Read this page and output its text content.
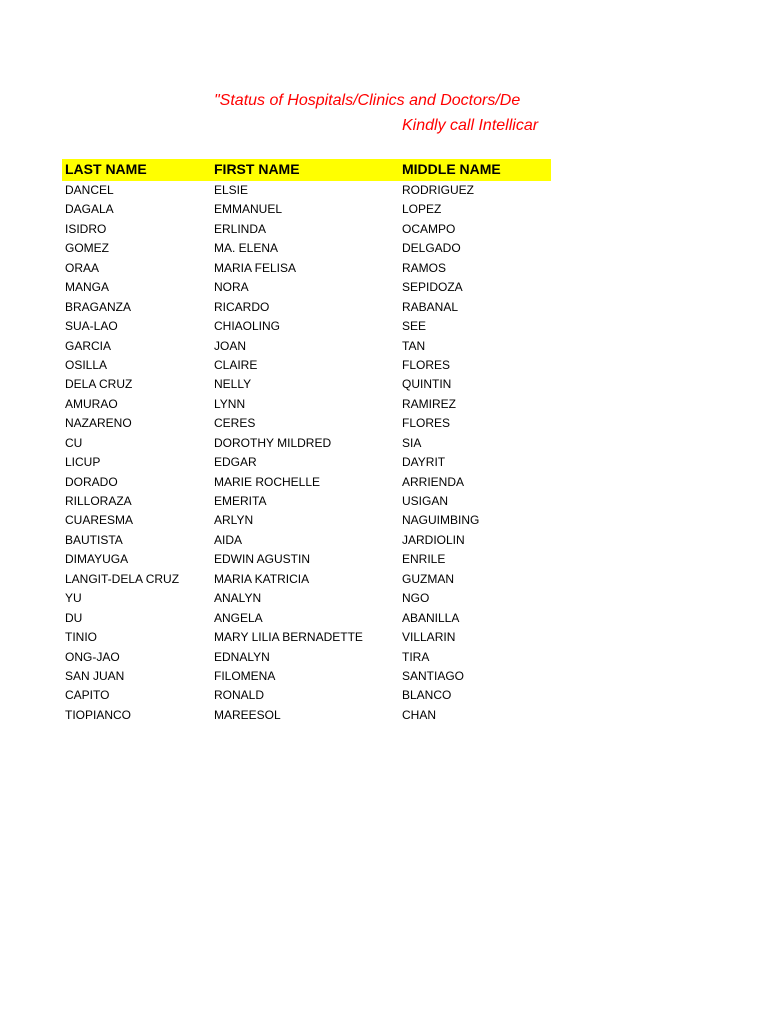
"Status of Hospitals/Clinics and Doctors/De
Kindly call Intellicar
LAST NAME	FIRST NAME	MIDDLE NAME
DANCEL	ELSIE	RODRIGUEZ
DAGALA	EMMANUEL	LOPEZ
ISIDRO	ERLINDA	OCAMPO
GOMEZ	MA. ELENA	DELGADO
ORAA	MARIA FELISA	RAMOS
MANGA	NORA	SEPIDOZA
BRAGANZA	RICARDO	RABANAL
SUA-LAO	CHIAOLING	SEE
GARCIA	JOAN	TAN
OSILLA	CLAIRE	FLORES
DELA CRUZ	NELLY	QUINTIN
AMURAO	LYNN	RAMIREZ
NAZARENO	CERES	FLORES
CU	DOROTHY MILDRED	SIA
LICUP	EDGAR	DAYRIT
DORADO	MARIE ROCHELLE	ARRIENDA
RILLORAZA	EMERITA	USIGAN
CUARESMA	ARLYN	NAGUIMBING
BAUTISTA	AIDA	JARDIOLIN
DIMAYUGA	EDWIN AGUSTIN	ENRILE
LANGIT-DELA CRUZ	MARIA KATRICIA	GUZMAN
YU	ANALYN	NGO
DU	ANGELA	ABANILLA
TINIO	MARY LILIA BERNADETTE	VILLARIN
ONG-JAO	EDNALYN	TIRA
SAN JUAN	FILOMENA	SANTIAGO
CAPITO	RONALD	BLANCO
TIOPIANCO	MAREESOL	CHAN
